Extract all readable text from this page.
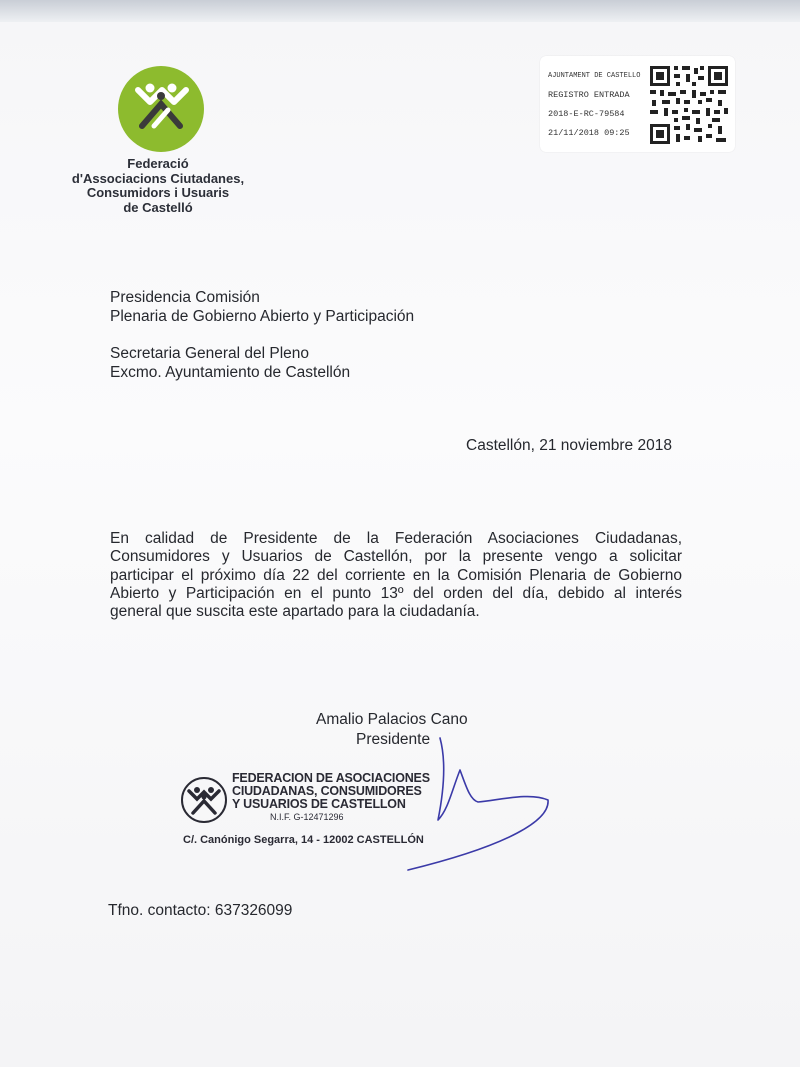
Federació
d'Associacions Ciutadanes,
Consumidors i Usuaris
de Castelló
AJUNTAMENT DE CASTELLO
REGISTRO ENTRADA
2018-E-RC-79584
21/11/2018 09:25
Presidencia Comisión
Plenaria de Gobierno Abierto y Participación
Secretaria General del Pleno
Excmo. Ayuntamiento de Castellón
Castellón, 21 noviembre 2018
En calidad de Presidente de la Federación Asociaciones Ciudadanas,
Consumidores y Usuarios de Castellón, por la presente vengo a solicitar
participar el próximo día 22 del corriente en la Comisión Plenaria de Gobierno
Abierto y Participación en el punto 13º del orden del día, debido al interés
general que suscita este apartado para la ciudadanía.
Amalio Palacios Cano
Presidente
FEDERACION DE ASOCIACIONES
CIUDADANAS, CONSUMIDORES
Y USUARIOS DE CASTELLON
N.I.F. G-12471296
C/. Canónigo Segarra, 14 - 12002 CASTELLÓN
Tfno. contacto: 637326099
